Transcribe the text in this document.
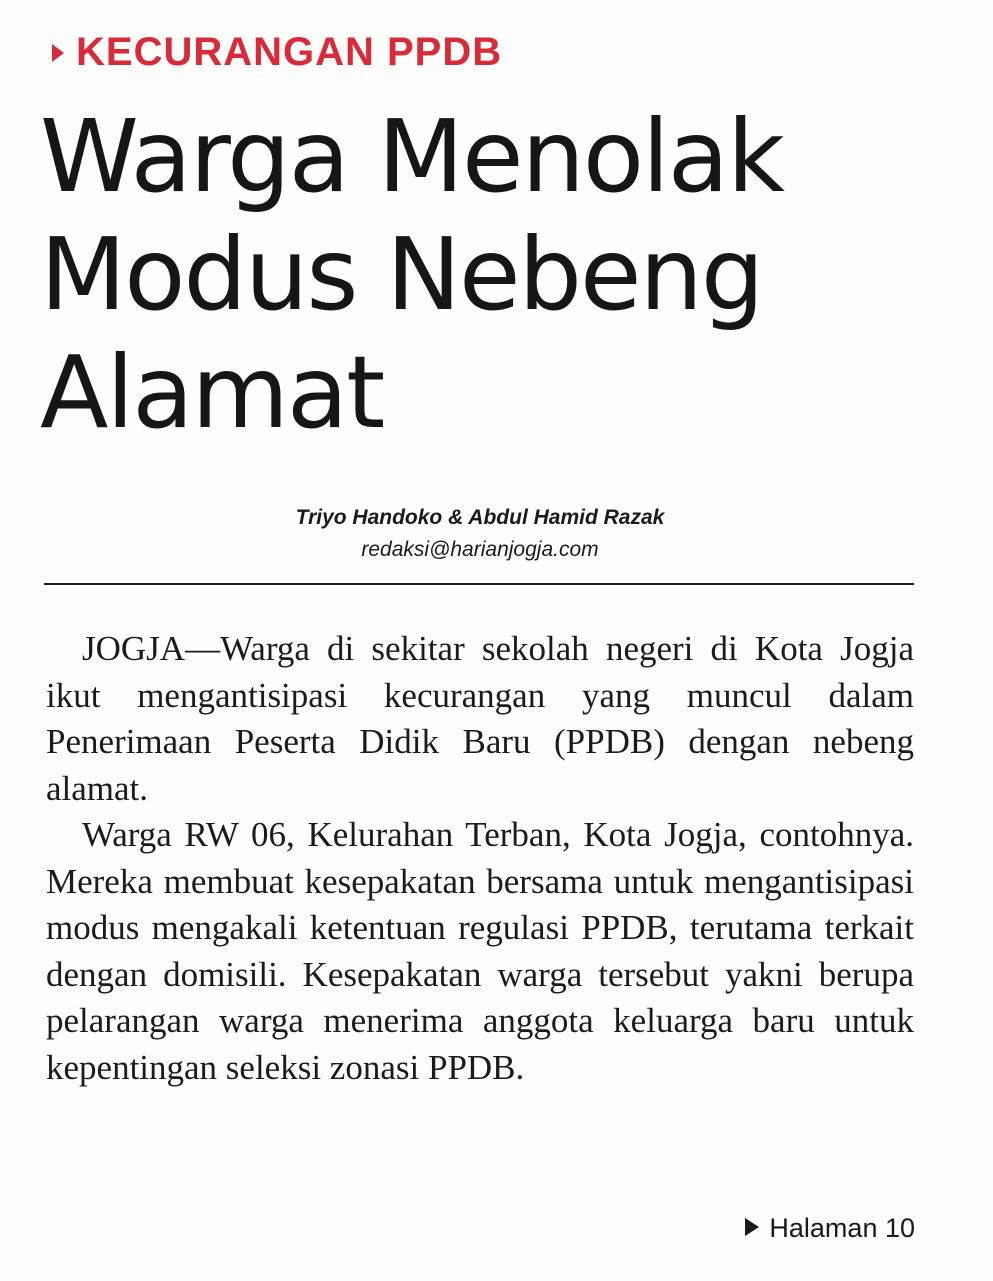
KECURANGAN PPDB
Warga Menolak
Modus Nebeng
Alamat
Triyo Handoko & Abdul Hamid Razak
redaksi@harianjogja.com

JOGJA—Warga di sekitar sekolah negeri di Kota Jogja ikut mengantisipasi kecurangan yang muncul dalam Penerimaan Peserta Didik Baru (PPDB) dengan nebeng alamat.

Warga RW 06, Kelurahan Terban, Kota Jogja, contohnya. Mereka membuat kesepakatan bersama untuk mengantisipasi modus mengakali ketentuan regulasi PPDB, terutama terkait dengan domisili. Kesepakatan warga tersebut yakni berupa pelarangan warga menerima anggota keluarga baru untuk kepentingan seleksi zonasi PPDB.

Halaman 10
